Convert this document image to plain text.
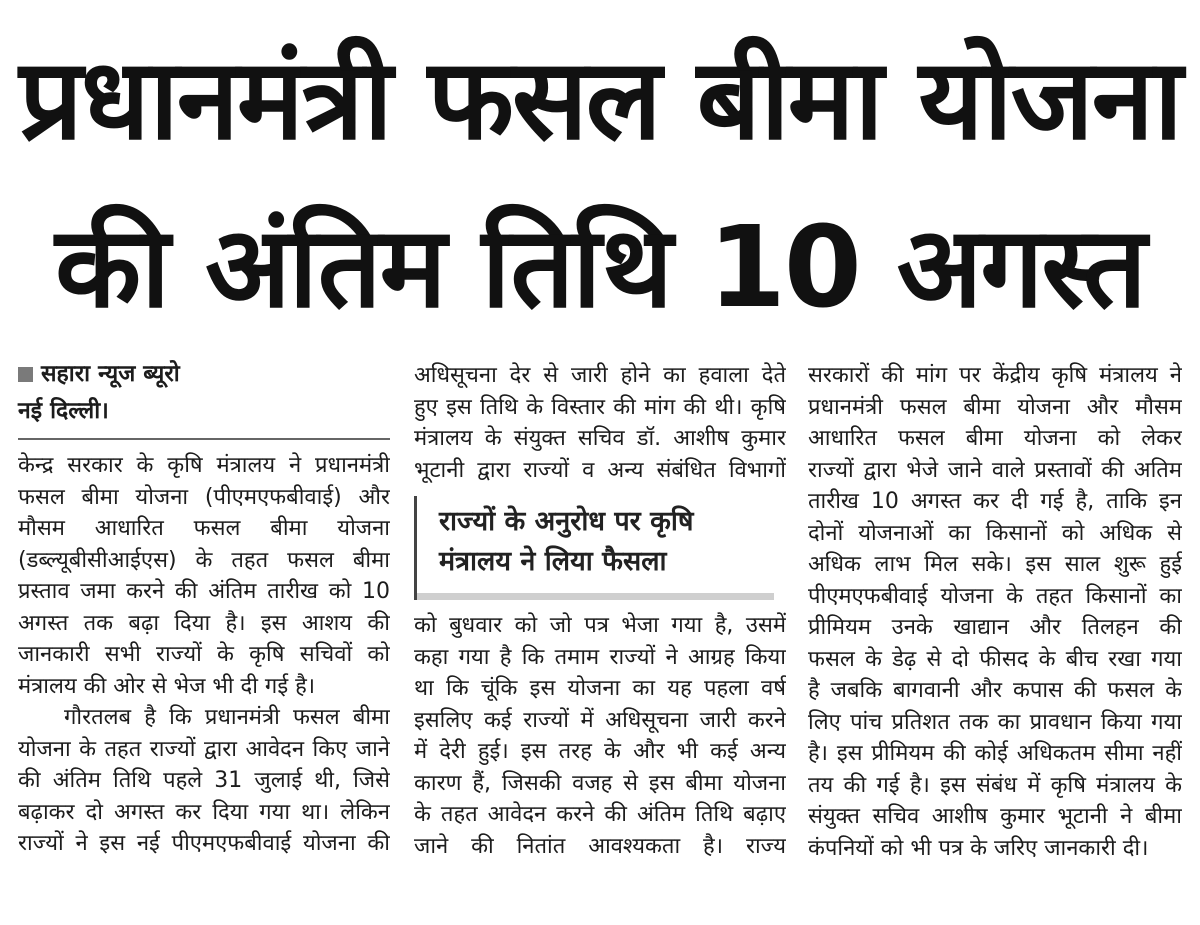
प्रधानमंत्री फसल बीमा योजना
की अंतिम तिथि 10 अगस्त
सहारा न्यूज ब्यूरो
नई दिल्ली।

केन्द्र सरकार के कृषि मंत्रालय ने प्रधानमंत्री

फसल बीमा योजना (पीएमएफबीवाई) और

मौसम आधारित फसल बीमा योजना

(डब्ल्यूबीसीआईएस) के तहत फसल बीमा

प्रस्ताव जमा करने की अंतिम तारीख को 10

अगस्त तक बढ़ा दिया है। इस आशय की

जानकारी सभी राज्यों के कृषि सचिवों को

मंत्रालय की ओर से भेज भी दी गई है।

गौरतलब है कि प्रधानमंत्री फसल बीमा

योजना के तहत राज्यों द्वारा आवेदन किए जाने

की अंतिम तिथि पहले 31 जुलाई थी, जिसे

बढ़ाकर दो अगस्त कर दिया गया था। लेकिन

राज्यों ने इस नई पीएमएफबीवाई योजना की

अधिसूचना देर से जारी होने का हवाला देते

हुए इस तिथि के विस्तार की मांग की थी। कृषि

मंत्रालय के संयुक्त सचिव डॉ. आशीष कुमार

भूटानी द्वारा राज्यों व अन्य संबंधित विभागों

राज्यों के अनुरोध पर कृषि
मंत्रालय ने लिया फैसला

को बुधवार को जो पत्र भेजा गया है, उसमें

कहा गया है कि तमाम राज्यों ने आग्रह किया

था कि चूंकि इस योजना का यह पहला वर्ष

इसलिए कई राज्यों में अधिसूचना जारी करने

में देरी हुई। इस तरह के और भी कई अन्य

कारण हैं, जिसकी वजह से इस बीमा योजना

के तहत आवेदन करने की अंतिम तिथि बढ़ाए

जाने की नितांत आवश्यकता है। राज्य

सरकारों की मांग पर केंद्रीय कृषि मंत्रालय ने

प्रधानमंत्री फसल बीमा योजना और मौसम

आधारित फसल बीमा योजना को लेकर

राज्यों द्वारा भेजे जाने वाले प्रस्तावों की अतिम

तारीख 10 अगस्त कर दी गई है, ताकि इन

दोनों योजनाओं का किसानों को अधिक से

अधिक लाभ मिल सके। इस साल शुरू हुई

पीएमएफबीवाई योजना के तहत किसानों का

प्रीमियम उनके खाद्यान और तिलहन की

फसल के डेढ़ से दो फीसद के बीच रखा गया

है जबकि बागवानी और कपास की फसल के

लिए पांच प्रतिशत तक का प्रावधान किया गया

है। इस प्रीमियम की कोई अधिकतम सीमा नहीं

तय की गई है। इस संबंध में कृषि मंत्रालय के

संयुक्त सचिव आशीष कुमार भूटानी ने बीमा

कंपनियों को भी पत्र के जरिए जानकारी दी।
